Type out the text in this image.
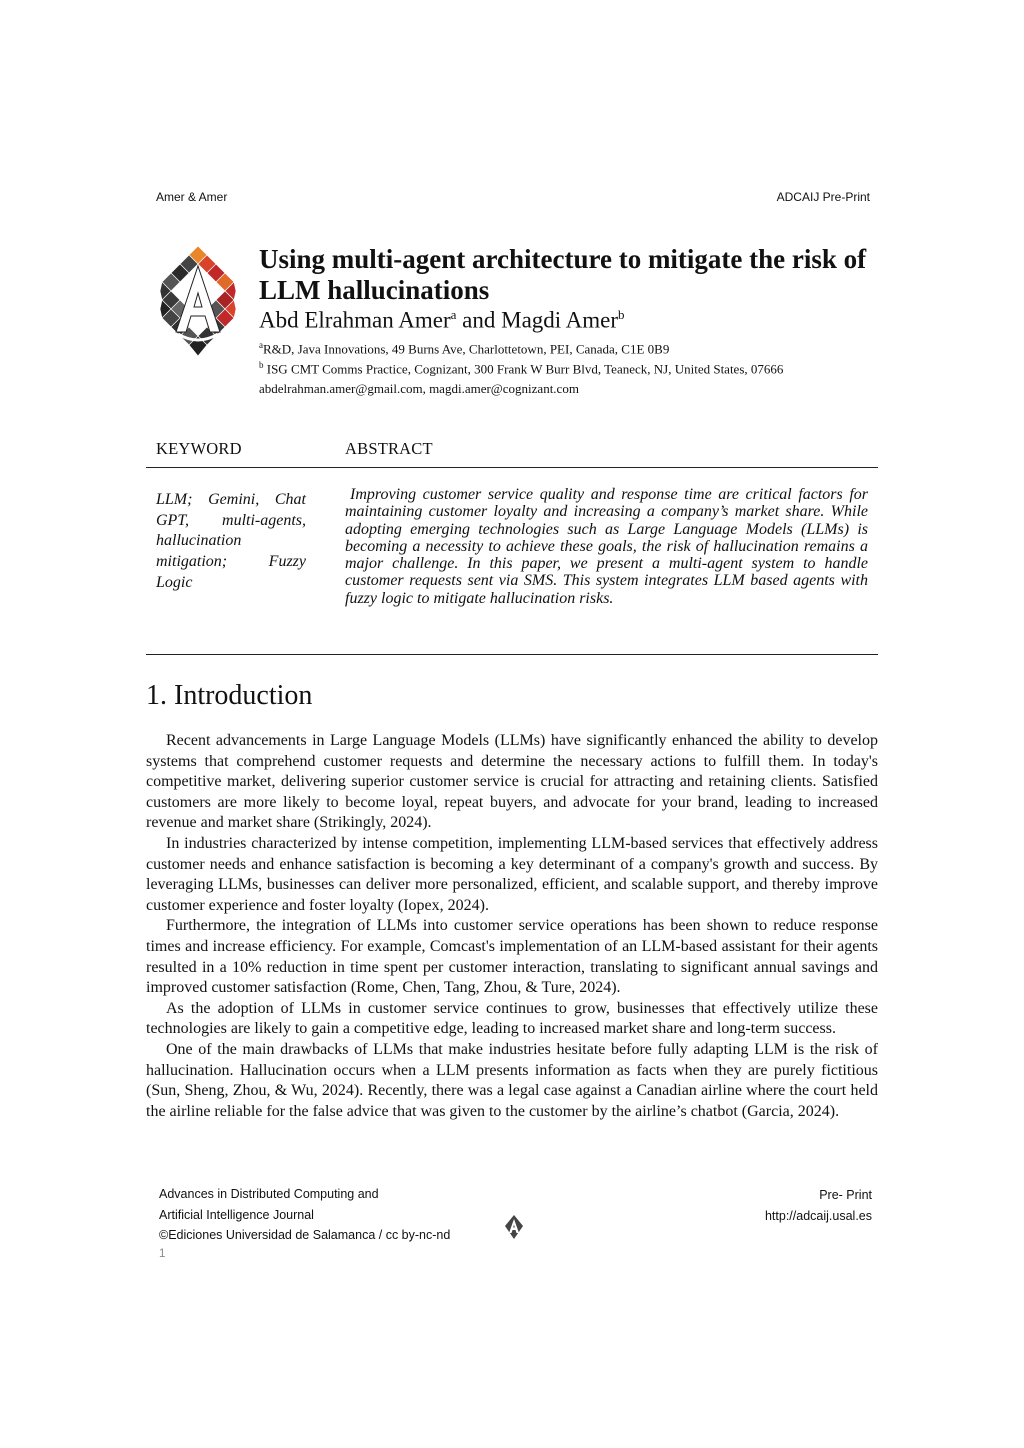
Amer & Amer	ADCAIJ Pre-Print
Using multi-agent architecture to mitigate the risk of LLM hallucinations
Abd Elrahman Amer$^a$ and Magdi Amer$^b$
$^a$R&D, Java Innovations, 49 Burns Ave, Charlottetown, PEI, Canada, C1E 0B9
$^b$ ISG CMT Comms Practice, Cognizant, 300 Frank W Burr Blvd, Teaneck, NJ, United States, 07666
abdelrahman.amer@gmail.com, magdi.amer@cognizant.com
KEYWORD	ABSTRACT
LLM; Gemini, Chat GPT, multi-agents, hallucination mitigation; Fuzzy Logic

Improving customer service quality and response time are critical factors for maintaining customer loyalty and increasing a company’s market share. While adopting emerging technologies such as Large Language Models (LLMs) is becoming a necessity to achieve these goals, the risk of hallucination remains a major challenge. In this paper, we present a multi-agent system to handle customer requests sent via SMS. This system integrates LLM based agents with fuzzy logic to mitigate hallucination risks.

1. Introduction

Recent advancements in Large Language Models (LLMs) have significantly enhanced the ability to develop systems that comprehend customer requests and determine the necessary actions to fulfill them. In today's competitive market, delivering superior customer service is crucial for attracting and retaining clients. Satisfied customers are more likely to become loyal, repeat buyers, and advocate for your brand, leading to increased revenue and market share (Strikingly, 2024).

In industries characterized by intense competition, implementing LLM-based services that effectively address customer needs and enhance satisfaction is becoming a key determinant of a company's growth and success. By leveraging LLMs, businesses can deliver more personalized, efficient, and scalable support, and thereby improve customer experience and foster loyalty (Iopex, 2024).

Furthermore, the integration of LLMs into customer service operations has been shown to reduce response times and increase efficiency. For example, Comcast's implementation of an LLM-based assistant for their agents resulted in a 10% reduction in time spent per customer interaction, translating to significant annual savings and improved customer satisfaction (Rome, Chen, Tang, Zhou, & Ture, 2024).

As the adoption of LLMs in customer service continues to grow, businesses that effectively utilize these technologies are likely to gain a competitive edge, leading to increased market share and long-term success.

One of the main drawbacks of LLMs that make industries hesitate before fully adapting LLM is the risk of hallucination. Hallucination occurs when a LLM presents information as facts when they are purely fictitious (Sun, Sheng, Zhou, & Wu, 2024). Recently, there was a legal case against a Canadian airline where the court held the airline reliable for the false advice that was given to the customer by the airline’s chatbot (Garcia, 2024).

Advances in Distributed Computing and
Artificial Intelligence Journal
©Ediciones Universidad de Salamanca / cc by-nc-nd
Pre- Print
http://adcaij.usal.es
1
